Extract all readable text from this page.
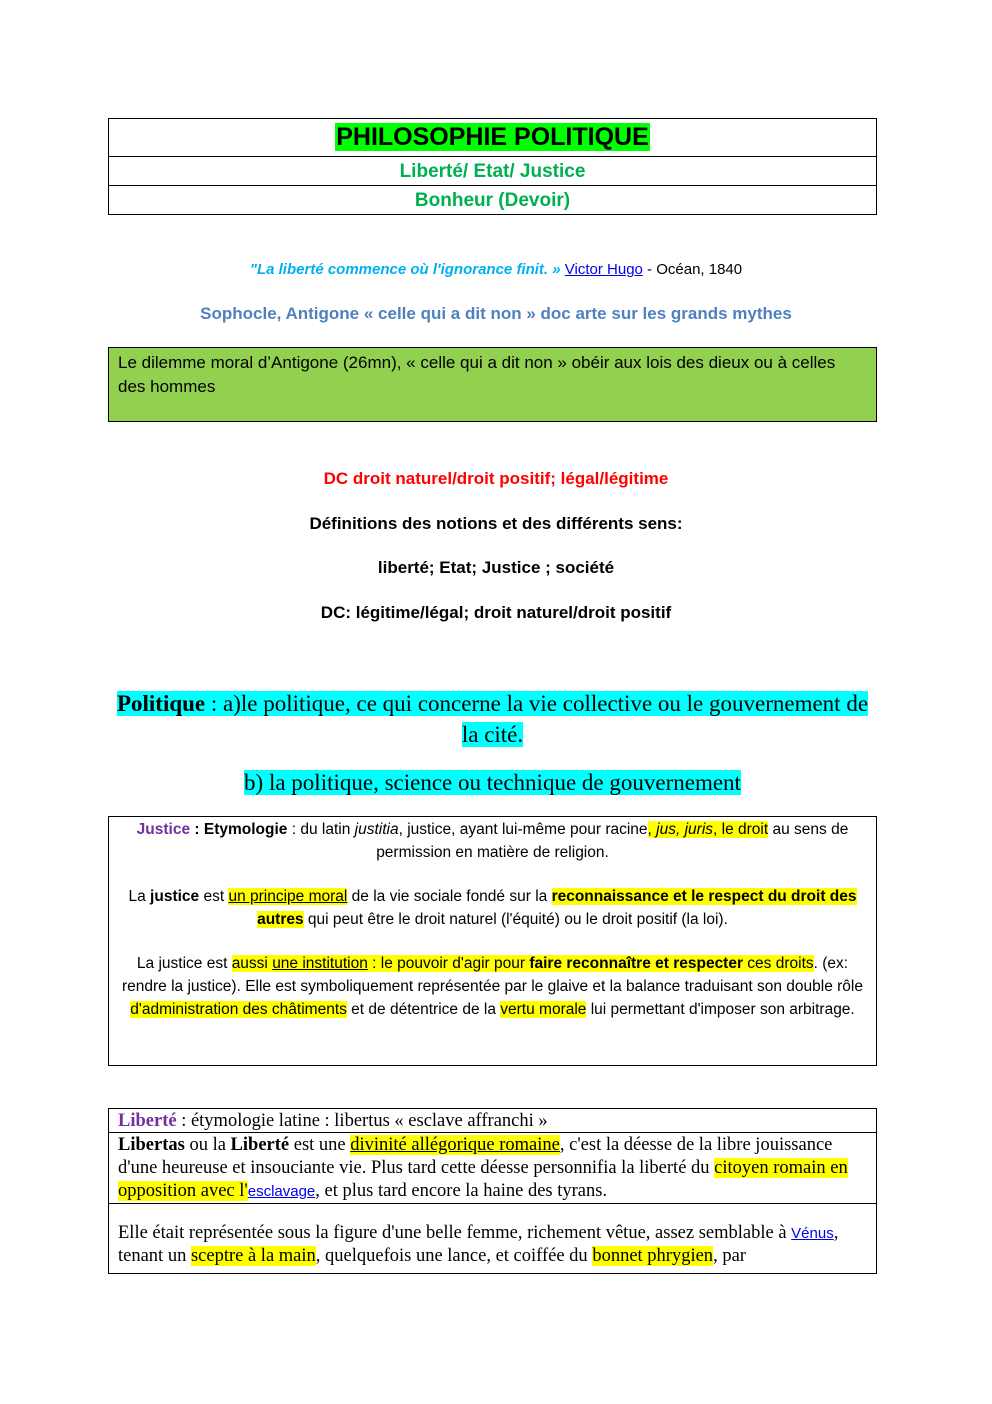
PHILOSOPHIE POLITIQUE
Liberté/ Etat/ Justice
Bonheur (Devoir)
"La liberté commence où l'ignorance finit. » Victor Hugo - Océan, 1840
Sophocle, Antigone « celle qui a dit non » doc arte sur les grands mythes
Le dilemme moral d’Antigone (26mn), « celle qui a dit non » obéir aux lois des dieux ou à celles des hommes
DC droit naturel/droit positif; légal/légitime
Définitions des notions et des différents sens:
liberté; Etat; Justice ; société
DC: légitime/légal; droit naturel/droit positif
Politique : a)le politique, ce qui concerne la vie collective ou le gouvernement de la cité.
b) la politique, science ou technique de gouvernement

Justice : Etymologie : du latin justitia, justice, ayant lui-même pour racine, jus, juris, le droit au sens de permission en matière de religion.

La justice est un principe moral de la vie sociale fondé sur la reconnaissance et le respect du droit des autres qui peut être le droit naturel (l'équité) ou le droit positif (la loi).

La justice est aussi une institution : le pouvoir d'agir pour faire reconnaître et respecter ces droits. (ex: rendre la justice). Elle est symboliquement représentée par le glaive et la balance traduisant son double rôle d'administration des châtiments et de détentrice de la vertu morale lui permettant d'imposer son arbitrage.

Liberté : étymologie latine : libertus « esclave affranchi »
Libertas ou la Liberté est une divinité allégorique romaine, c'est la déesse de la libre jouissance d'une heureuse et insouciante vie. Plus tard cette déesse personnifia la liberté du citoyen romain en opposition avec l'esclavage, et plus tard encore la haine des tyrans.
Elle était représentée sous la figure d'une belle femme, richement vêtue, assez semblable à Vénus, tenant un sceptre à la main, quelquefois une lance, et coiffée du bonnet phrygien, par
